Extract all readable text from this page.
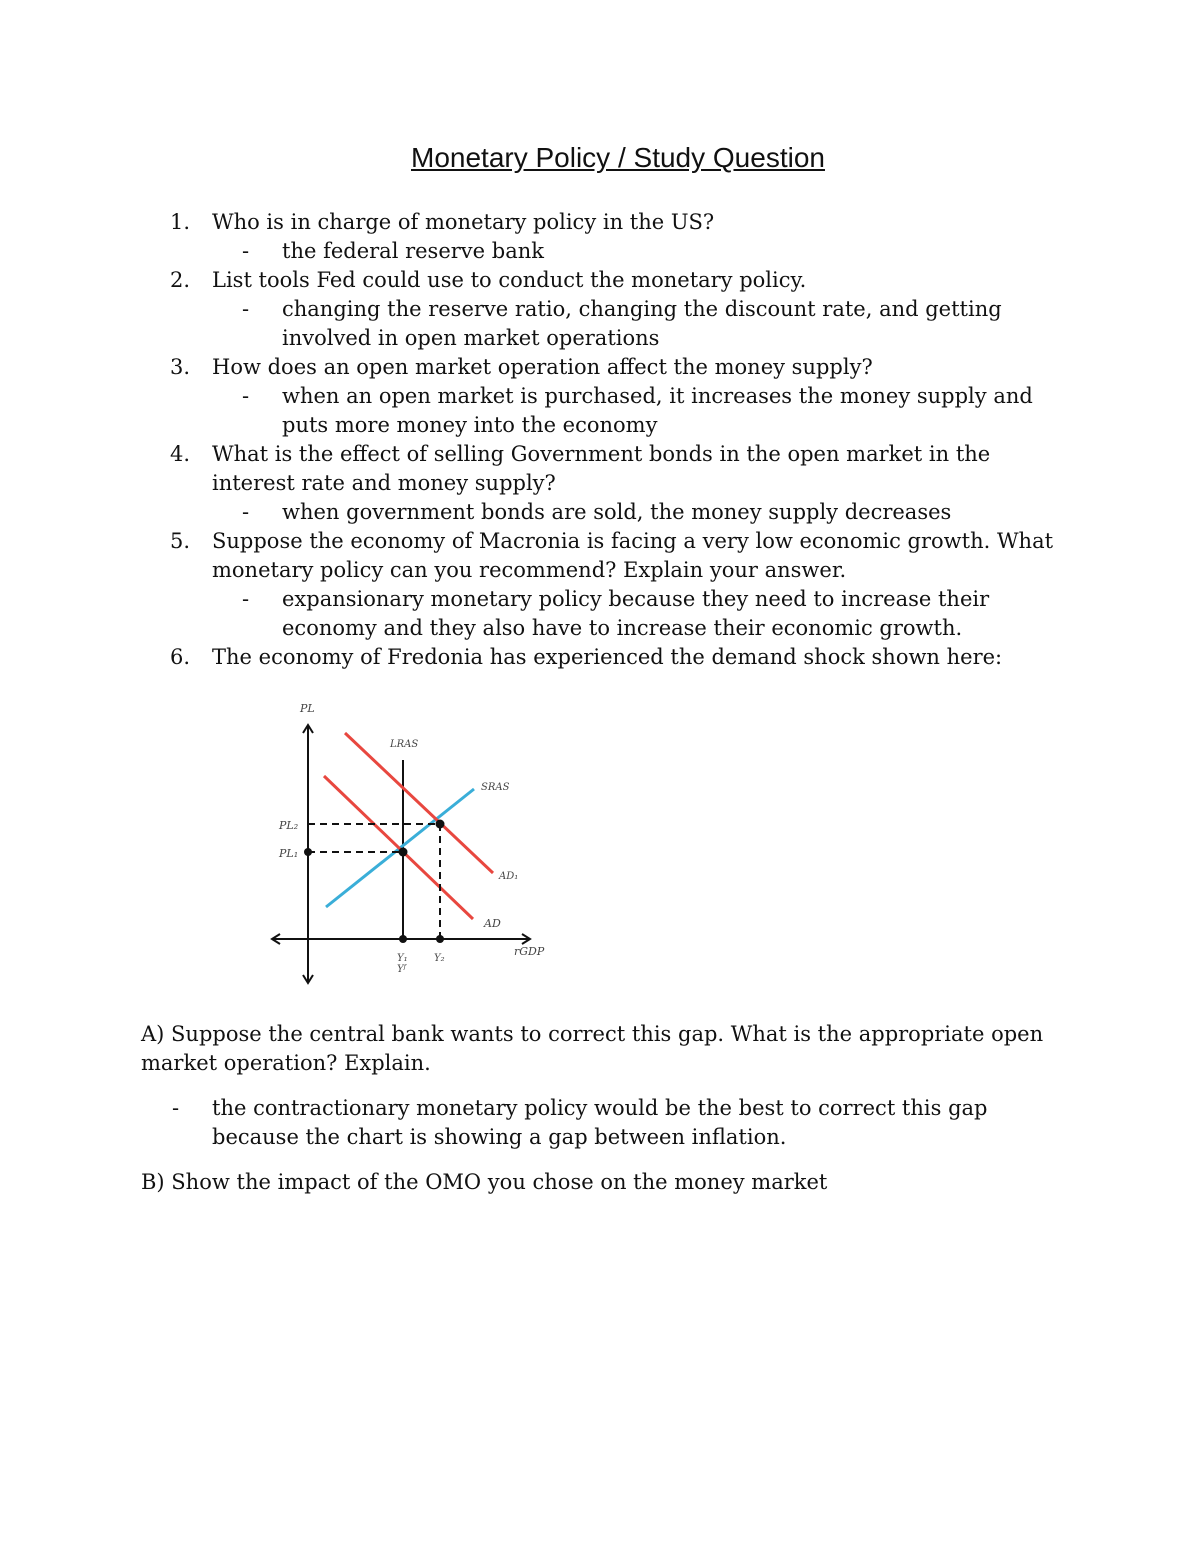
Monetary Policy / Study Question
1.	Who is in charge of monetary policy in the US?
-	the federal reserve bank
2.	List tools Fed could use to conduct the monetary policy.
-	changing the reserve ratio, changing the discount rate, and getting involved in open market operations
3.	How does an open market operation affect the money supply?
-	when an open market is purchased, it increases the money supply and puts more money into the economy
4.	What is the effect of selling Government bonds in the open market in the interest rate and money supply?
-	when government bonds are sold, the money supply decreases
5.	Suppose the economy of Macronia is facing a very low economic growth. What monetary policy can you recommend? Explain your answer.
-	expansionary monetary policy because they need to increase their economy and they also have to increase their economic growth.
6.	The economy of Fredonia has experienced the demand shock shown here:
PL
LRAS
SRAS
AD₁
AD
PL₂
PL₁
Y₁
Yᶠ
Y₂
rGDP
A) Suppose the central bank wants to correct this gap. What is the appropriate open market operation? Explain.
-	the contractionary monetary policy would be the best to correct this gap because the chart is showing a gap between inflation.
B) Show the impact of the OMO you chose on the money market
